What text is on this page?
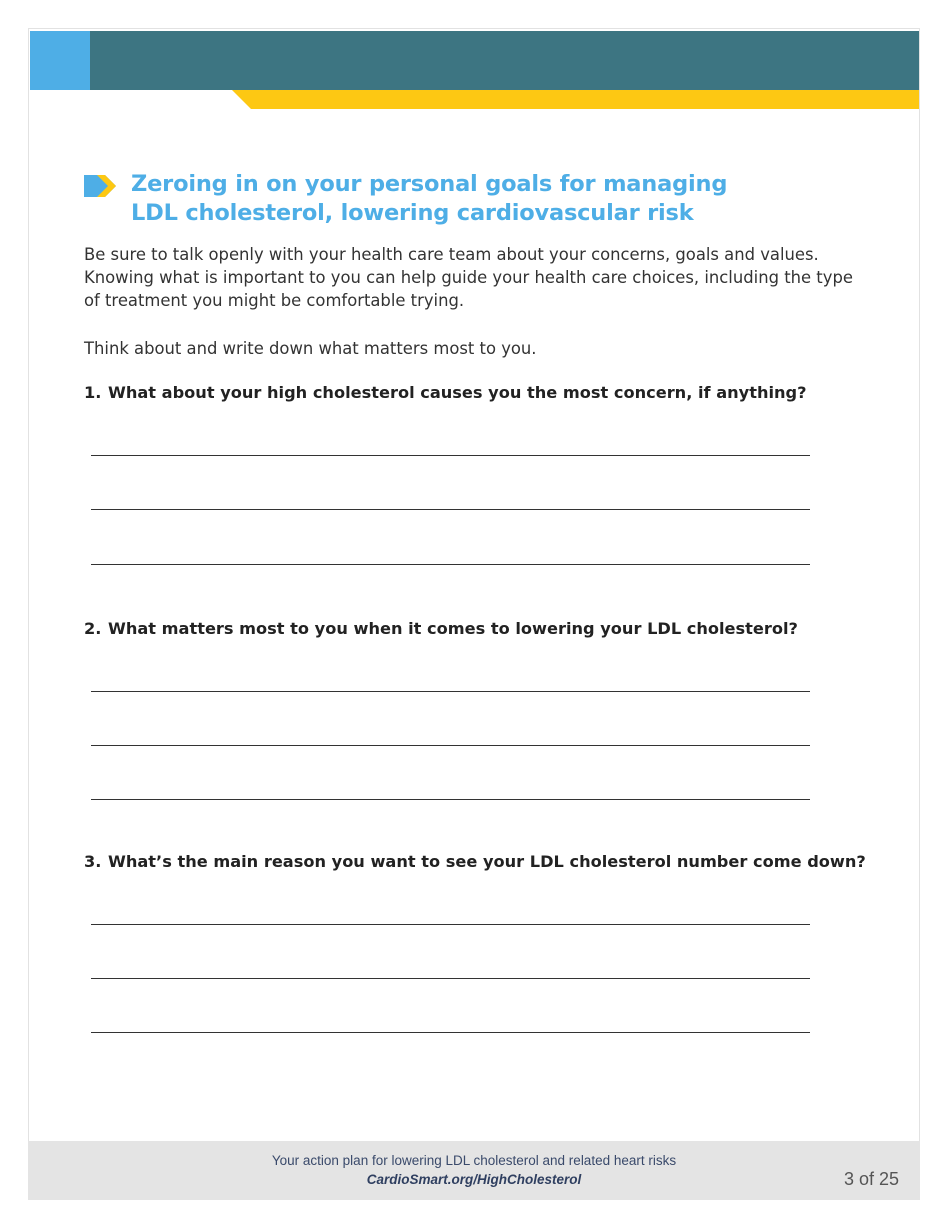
Zeroing in on your personal goals for managing
LDL cholesterol, lowering cardiovascular risk

Be sure to talk openly with your health care team about your concerns, goals and values.
Knowing what is important to you can help guide your health care choices, including the type
of treatment you might be comfortable trying.

Think about and write down what matters most to you.

1. What about your high cholesterol causes you the most concern, if anything?

2. What matters most to you when it comes to lowering your LDL cholesterol?

3. What’s the main reason you want to see your LDL cholesterol number come down?

Your action plan for lowering LDL cholesterol and related heart risks
CardioSmart.org/HighCholesterol	3 of 25
